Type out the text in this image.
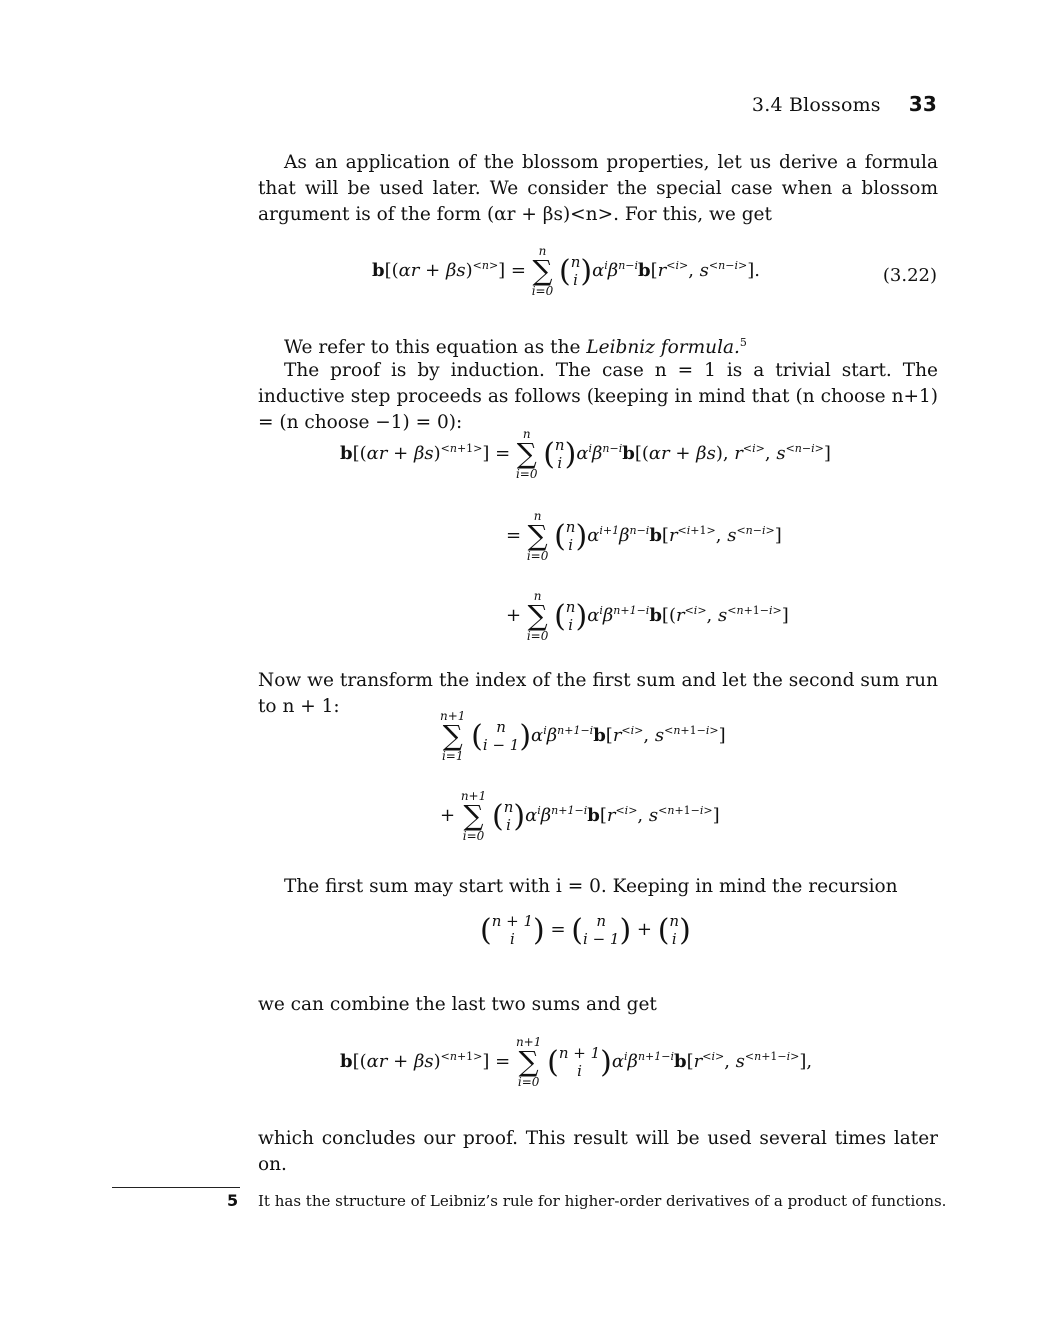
3.4 Blossoms 33
As an application of the blossom properties, let us derive a formula that will be used later. We consider the special case when a blossom argument is of the form (αr + βs)<n>. For this, we get
$b[(\alpha r + \beta s)^{<n>}]$ =
n
∑
i=0
(n
$i)\alpha^i\beta^{n-i}b[r^{<i>}$, $s^{<n-i>}$].	(3.22)
We refer to this equation as the Leibniz formula.$^5$
The proof is by induction. The case n = 1 is a trivial start. The inductive step proceeds as follows (keeping in mind that (n choose n+1) = (n choose −1) = 0):
$b[(\alpha r + \beta s)^{<n+1>}]$ =
n
∑
i=0
(n
$i)\alpha^i\beta^{n-i}b[(\alpha r + \beta s)$, $r^{<i>}$, $s^{<n-i>}$]
=
n
∑
i=0
(n
$i)\alpha^{i+1}\beta^{n-i}b[r^{<i+1>}$, $s^{<n-i>}$]
+
n
∑
i=0
(n
$i)\alpha^i\beta^{n+1-i}b[(r^{<i>}$, $s^{<n+1-i>}$]
Now we transform the index of the first sum and let the second sum run to n + 1:	n+1
∑
i=1
( n
$i - 1)\alpha^i\beta^{n+1-i}b[r^{<i>}$, $s^{<n+1-i>}$]
+
n+1
∑
i=0
(n
$i)\alpha^i\beta^{n+1-i}b[r^{<i>}$, $s^{<n+1-i>}$]
The first sum may start with i = 0. Keeping in mind the recursion
(n + 1
i ) = ( n
i − 1) + (n
i)
we can combine the last two sums and get
$b[(\alpha r + \beta s)^{<n+1>}]$ =
n+1
∑
i=0
(n + 1
i )$\alpha^i\beta^{n+1-i}b[r^{<i>}$, $s^{<n+1-i>}$],
which concludes our proof. This result will be used several times later on.
5 It has the structure of Leibniz’s rule for higher-order derivatives of a product of functions.
